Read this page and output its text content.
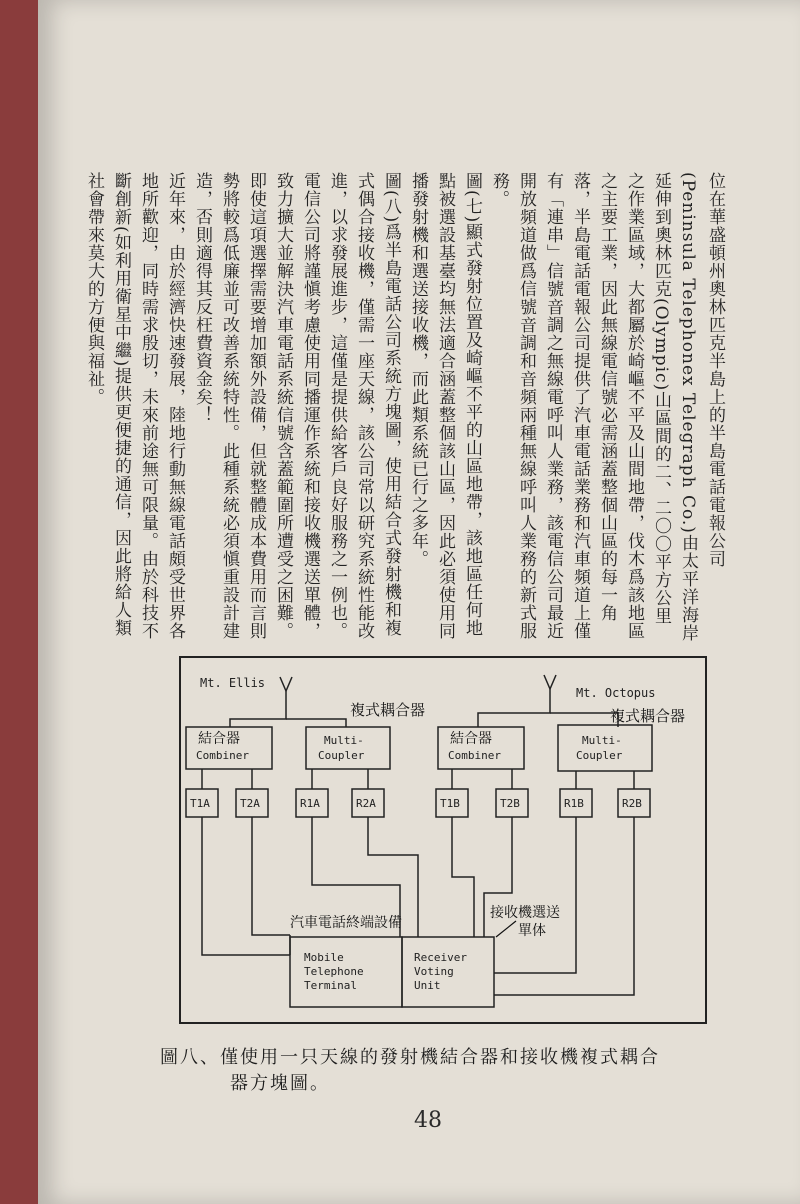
位在華盛頓州奧林匹克半島上的半島電話電報公司(Peninsula Telephonex Telegraph Co.)由太平洋海岸延伸到奧林匹克(Olympic)山區間的二、二〇〇平方公里之作業區域，大都屬於崎嶇不平及山間地帶，伐木爲該地區之主要工業，因此無線電信號必需涵蓋整個山區的每一角落，半島電話電報公司提供了汽車電話業務和汽車頻道上僅有「連串」信號音調之無線電呼叫人業務，該電信公司最近開放頻道做爲信號音調和音頻兩種無線呼叫人業務的新式服務。

圖(七)顯式發射位置及崎嶇不平的山區地帶，該地區任何地點被選設基臺均無法適合涵蓋整個該山區，因此必須使用同播發射機和選送接收機，而此類系統已行之多年。

圖(八)爲半島電話公司系統方塊圖，使用結合式發射機和複式偶合接收機，僅需一座天線，該公司常以研究系統性能改進，以求發展進步，這僅是提供給客戶良好服務之一例也。

電信公司將謹愼考慮使用同播運作系統和接收機選送單體，致力擴大並解決汽車電話系統信號含蓋範圍所遭受之困難。即使這項選擇需要增加額外設備，但就整體成本費用而言則勢將較爲低廉並可改善系統特性。此種系統必須愼重設計建造，否則適得其反枉費資金矣！

近年來，由於經濟快速發展，陸地行動無線電話頗受世界各地所歡迎，同時需求殷切，未來前途無可限量。由於科技不斷創新(如利用衛星中繼)提供更便捷的通信，因此將給人類社會帶來莫大的方便與福祉。

Mt. Ellis
Mt. Octopus
複式耦合器	複式耦合器
結合器
Combiner
Multi-
Coupler
結合器
Combiner
Multi-
Coupler
T1A	T2A	R1A	R2A	T1B	T2B	R1B	R2B
Mobile
Telephone
Terminal
Receiver
Voting
Unit
汽車電話終端設備
接收機選送
單体
圖八、僅使用一只天線的發射機結合器和接收機複式耦合
器方塊圖。
48
